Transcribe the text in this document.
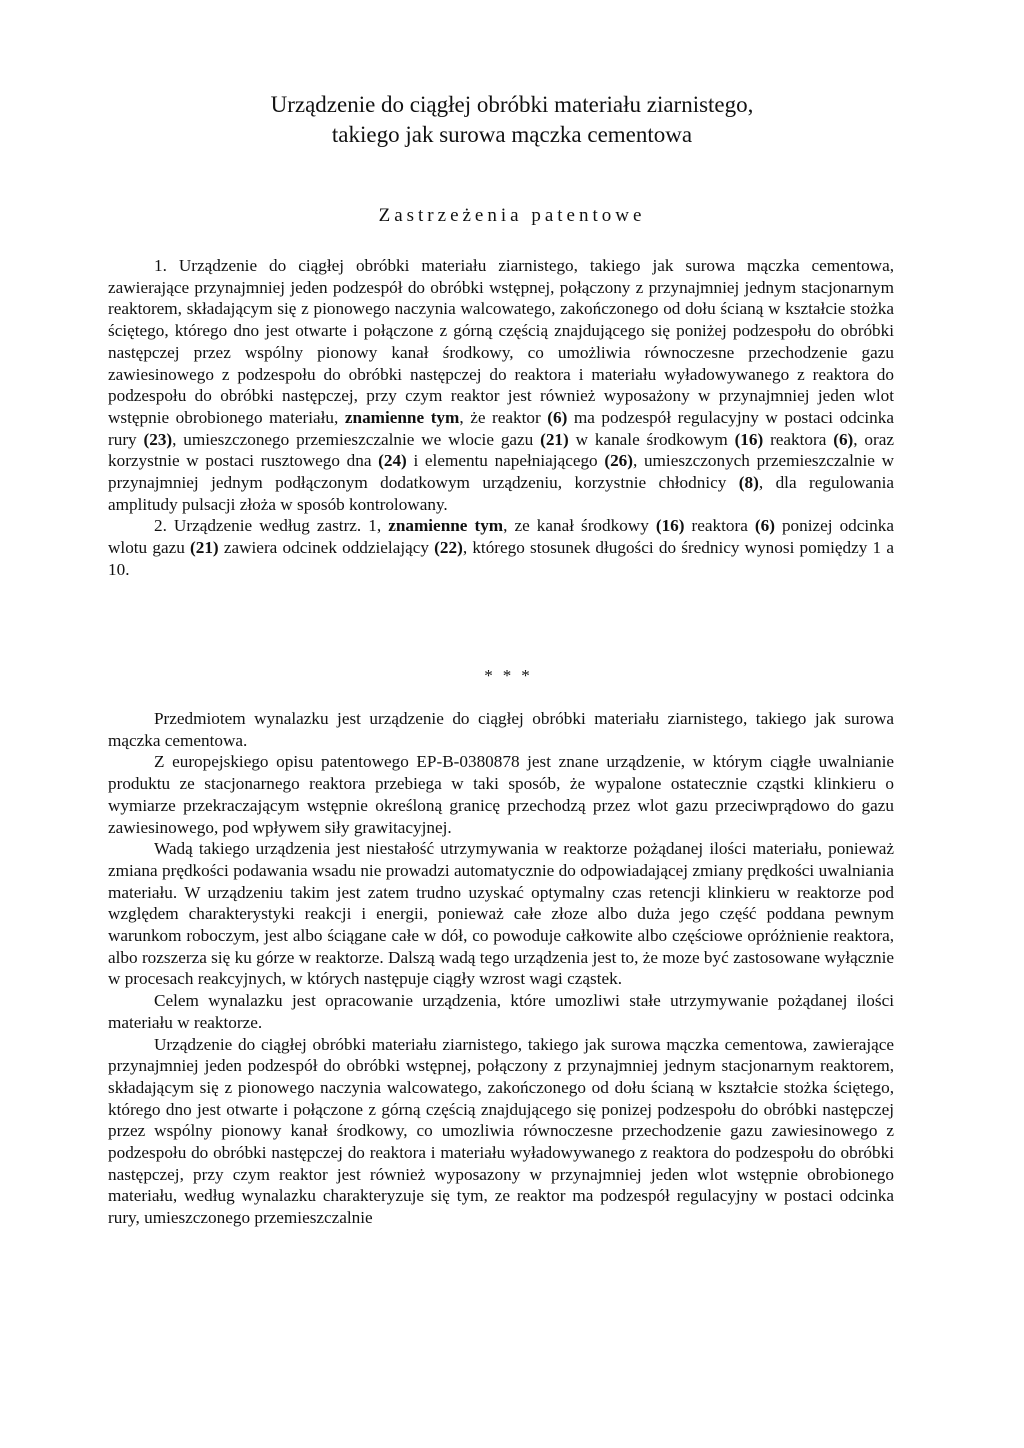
Urządzenie do ciągłej obróbki materiału ziarnistego,
takiego jak surowa mączka cementowa
Zastrzeżenia patentowe

1. Urządzenie do ciągłej obróbki materiału ziarnistego, takiego jak surowa mączka cementowa, zawierające przynajmniej jeden podzespół do obróbki wstępnej, połączony z przynajmniej jednym stacjonarnym reaktorem, składającym się z pionowego naczynia walcowatego, zakończonego od dołu ścianą w kształcie stożka ściętego, którego dno jest otwarte i połączone z górną częścią znajdującego się poniżej podzespołu do obróbki następczej przez wspólny pionowy kanał środkowy, co umożliwia równoczesne przechodzenie gazu zawiesinowego z podzespołu do obróbki następczej do reaktora i materiału wyładowywanego z reaktora do podzespołu do obróbki następczej, przy czym reaktor jest również wyposażony w przynajmniej jeden wlot wstępnie obrobionego materiału, znamienne tym, że reaktor (6) ma podzespół regulacyjny w postaci odcinka rury (23), umieszczonego przemieszczalnie we wlocie gazu (21) w kanale środkowym (16) reaktora (6), oraz korzystnie w postaci rusztowego dna (24) i elementu napełniającego (26), umieszczonych przemieszczalnie w przynajmniej jednym podłączonym dodatkowym urządzeniu, korzystnie chłodnicy (8), dla regulowania amplitudy pulsacji złoża w sposób kontrolowany.

2. Urządzenie według zastrz. 1, znamienne tym, ze kanał środkowy (16) reaktora (6) ponizej odcinka wlotu gazu (21) zawiera odcinek oddzielający (22), którego stosunek długości do średnicy wynosi pomiędzy 1 a 10.

***

Przedmiotem wynalazku jest urządzenie do ciągłej obróbki materiału ziarnistego, takiego jak surowa mączka cementowa.

Z europejskiego opisu patentowego EP-B-0380878 jest znane urządzenie, w którym ciągłe uwalnianie produktu ze stacjonarnego reaktora przebiega w taki sposób, że wypalone ostatecznie cząstki klinkieru o wymiarze przekraczającym wstępnie określoną granicę przechodzą przez wlot gazu przeciwprądowo do gazu zawiesinowego, pod wpływem siły grawitacyjnej.

Wadą takiego urządzenia jest niestałość utrzymywania w reaktorze pożądanej ilości materiału, ponieważ zmiana prędkości podawania wsadu nie prowadzi automatycznie do odpowiadającej zmiany prędkości uwalniania materiału. W urządzeniu takim jest zatem trudno uzyskać optymalny czas retencji klinkieru w reaktorze pod względem charakterystyki reakcji i energii, ponieważ całe złoze albo duża jego część poddana pewnym warunkom roboczym, jest albo ściągane całe w dół, co powoduje całkowite albo częściowe opróżnienie reaktora, albo rozszerza się ku górze w reaktorze. Dalszą wadą tego urządzenia jest to, że moze być zastosowane wyłącznie w procesach reakcyjnych, w których następuje ciągły wzrost wagi cząstek.

Celem wynalazku jest opracowanie urządzenia, które umozliwi stałe utrzymywanie pożądanej ilości materiału w reaktorze.

Urządzenie do ciągłej obróbki materiału ziarnistego, takiego jak surowa mączka cementowa, zawierające przynajmniej jeden podzespół do obróbki wstępnej, połączony z przynajmniej jednym stacjonarnym reaktorem, składającym się z pionowego naczynia walcowatego, zakończonego od dołu ścianą w kształcie stożka ściętego, którego dno jest otwarte i połączone z górną częścią znajdującego się ponizej podzespołu do obróbki następczej przez wspólny pionowy kanał środkowy, co umozliwia równoczesne przechodzenie gazu zawiesinowego z podzespołu do obróbki następczej do reaktora i materiału wyładowywanego z reaktora do podzespołu do obróbki następczej, przy czym reaktor jest również wyposazony w przynajmniej jeden wlot wstępnie obrobionego materiału, według wynalazku charakteryzuje się tym, ze reaktor ma podzespół regulacyjny w postaci odcinka rury, umieszczonego przemieszczalnie
